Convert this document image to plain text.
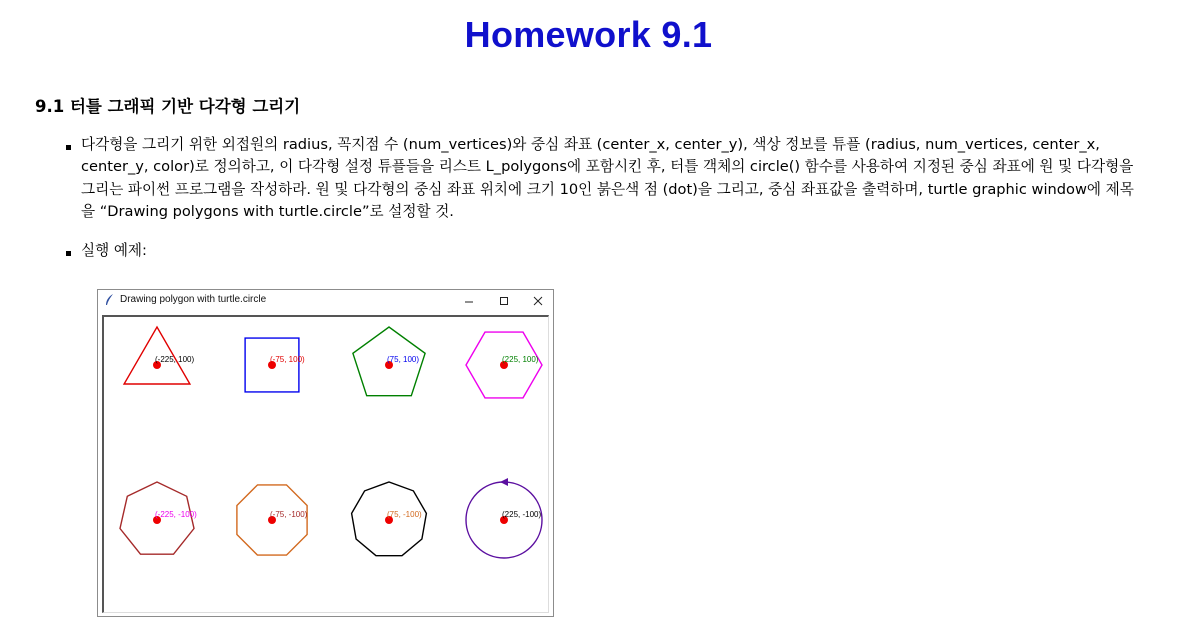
Homework 9.1
9.1 터틀 그래픽 기반 다각형 그리기
다각형을 그리기 위한 외접원의 radius, 꼭지점 수 (num_vertices)와 중심 좌표 (center_x, center_y), 색상 정보를 튜플 (radius, num_vertices, center_x, center_y, color)로 정의하고, 이 다각형 설정 튜플들을 리스트 L_polygons에 포함시킨 후, 터틀 객체의 circle() 함수를 사용하여 지정된 중심 좌표에 원 및 다각형을 그리는 파이썬 프로그램을 작성하라. 원 및 다각형의 중심 좌표 위치에 크기 10인 붉은색 점 (dot)을 그리고, 중심 좌표값을 출력하며, turtle graphic window에 제목을 “Drawing polygons with turtle.circle”로 설정할 것.
실행 예제:
Drawing polygon with turtle.circle
(-225, 100)	(-75, 100)	(75, 100)	(225, 100)
(-225, -100)	(-75, -100)	(75, -100)	(225, -100)
